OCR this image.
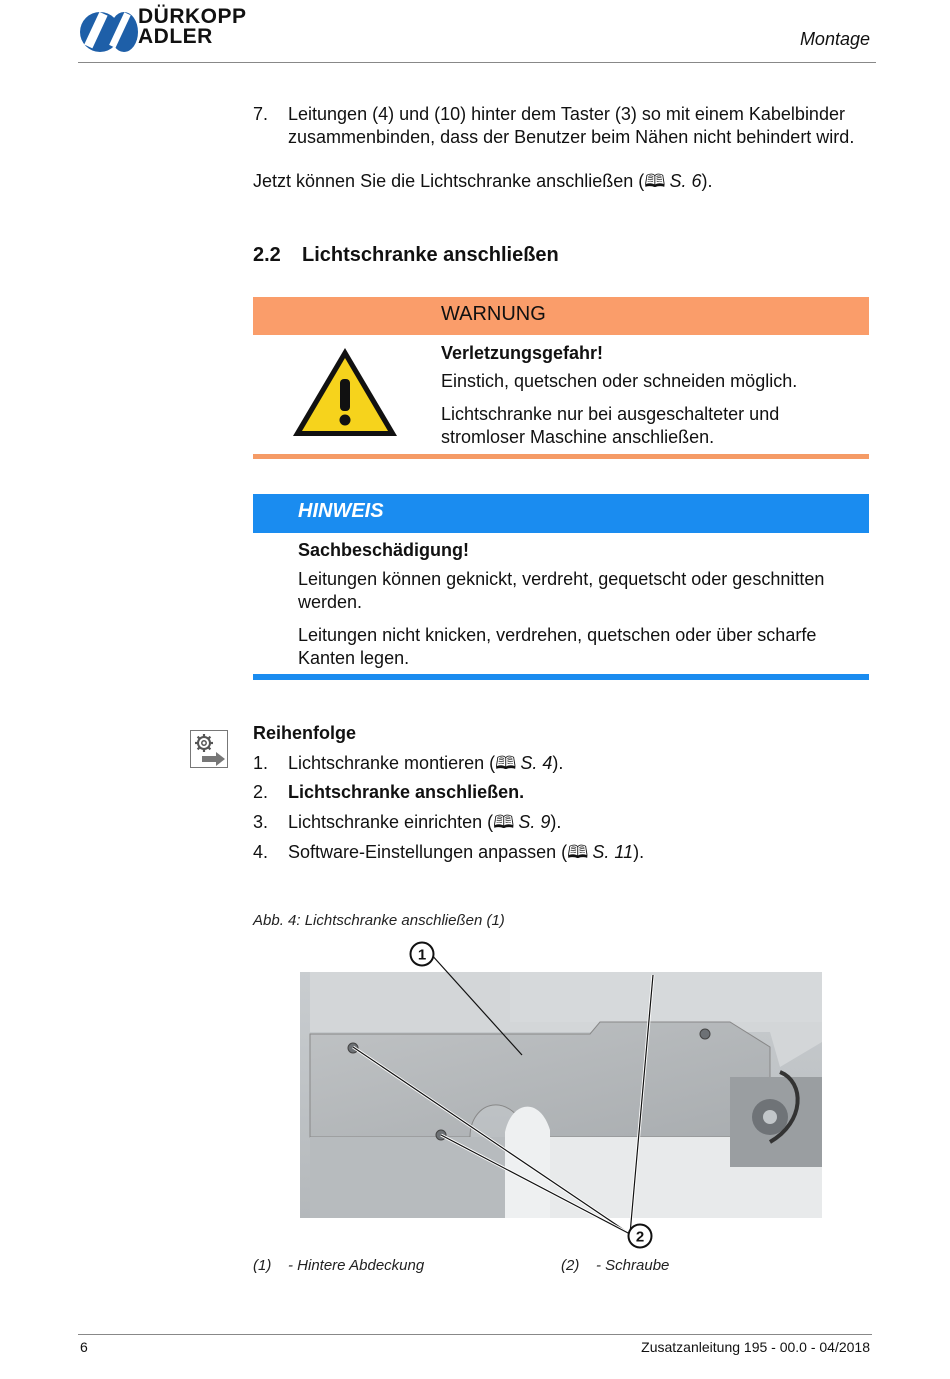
DÜRKOPP
ADLER	Montage
7. Leitungen (4) und (10) hinter dem Taster (3) so mit einem Kabelbinder zusammenbinden, dass der Benutzer beim Nähen nicht behindert wird.
Jetzt können Sie die Lichtschranke anschließen (🕮 S. 6).
2.2 Lichtschranke anschließen
WARNUNG
Verletzungsgefahr!
Einstich, quetschen oder schneiden möglich.
Lichtschranke nur bei ausgeschalteter und stromloser Maschine anschließen.
HINWEIS
Sachbeschädigung!
Leitungen können geknickt, verdreht, gequetscht oder geschnitten werden.
Leitungen nicht knicken, verdrehen, quetschen oder über scharfe Kanten legen.
Reihenfolge
1. Lichtschranke montieren (🕮 S. 4).
2. Lichtschranke anschließen.
3. Lichtschranke einrichten (🕮 S. 9).
4. Software-Einstellungen anpassen (🕮 S. 11).
Abb. 4: Lichtschranke anschließen (1)
1
2
(1) - Hintere Abdeckung	(2) - Schraube
6	Zusatzanleitung 195 - 00.0 - 04/2018
